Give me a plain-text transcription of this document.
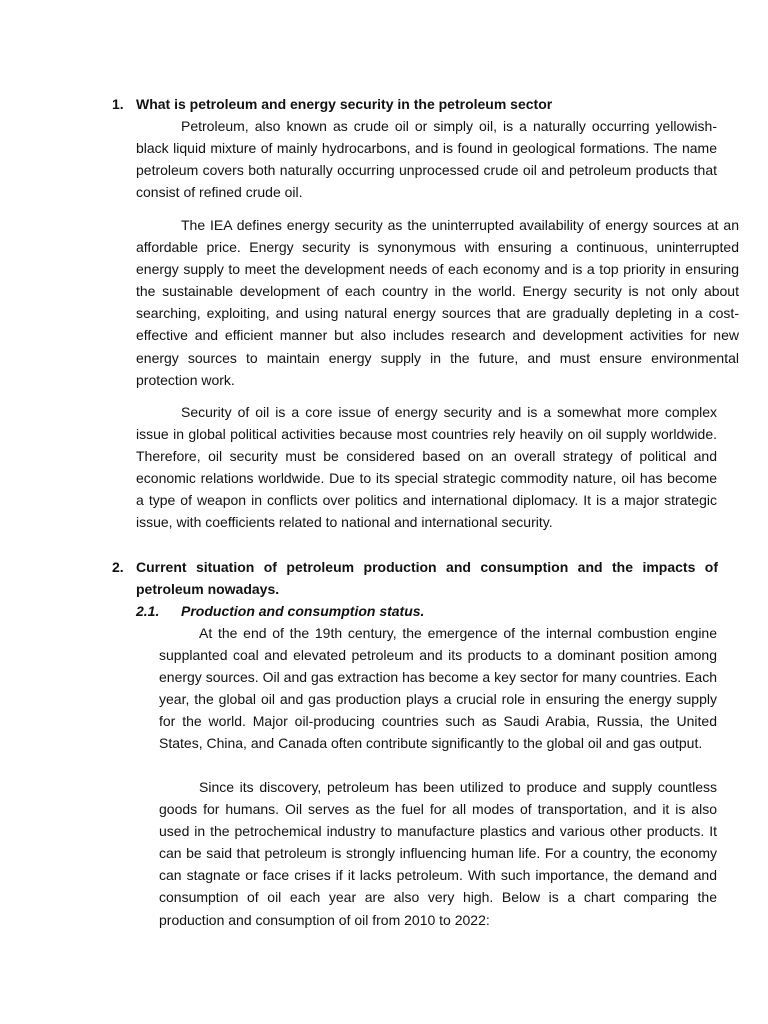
1. What is petroleum and energy security in the petroleum sector

Petroleum, also known as crude oil or simply oil, is a naturally occurring yellowish-black liquid mixture of mainly hydrocarbons, and is found in geological formations. The name petroleum covers both naturally occurring unprocessed crude oil and petroleum products that consist of refined crude oil.

The IEA defines energy security as the uninterrupted availability of energy sources at an affordable price. Energy security is synonymous with ensuring a continuous, uninterrupted energy supply to meet the development needs of each economy and is a top priority in ensuring the sustainable development of each country in the world. Energy security is not only about searching, exploiting, and using natural energy sources that are gradually depleting in a cost-effective and efficient manner but also includes research and development activities for new energy sources to maintain energy supply in the future, and must ensure environmental protection work.

Security of oil is a core issue of energy security and is a somewhat more complex issue in global political activities because most countries rely heavily on oil supply worldwide. Therefore, oil security must be considered based on an overall strategy of political and economic relations worldwide. Due to its special strategic commodity nature, oil has become a type of weapon in conflicts over politics and international diplomacy. It is a major strategic issue, with coefficients related to national and international security.

2. Current situation of petroleum production and consumption and the impacts of petroleum nowadays.
2.1. Production and consumption status.

At the end of the 19th century, the emergence of the internal combustion engine supplanted coal and elevated petroleum and its products to a dominant position among energy sources. Oil and gas extraction has become a key sector for many countries. Each year, the global oil and gas production plays a crucial role in ensuring the energy supply for the world. Major oil-producing countries such as Saudi Arabia, Russia, the United States, China, and Canada often contribute significantly to the global oil and gas output.

Since its discovery, petroleum has been utilized to produce and supply countless goods for humans. Oil serves as the fuel for all modes of transportation, and it is also used in the petrochemical industry to manufacture plastics and various other products. It can be said that petroleum is strongly influencing human life. For a country, the economy can stagnate or face crises if it lacks petroleum. With such importance, the demand and consumption of oil each year are also very high. Below is a chart comparing the production and consumption of oil from 2010 to 2022:
